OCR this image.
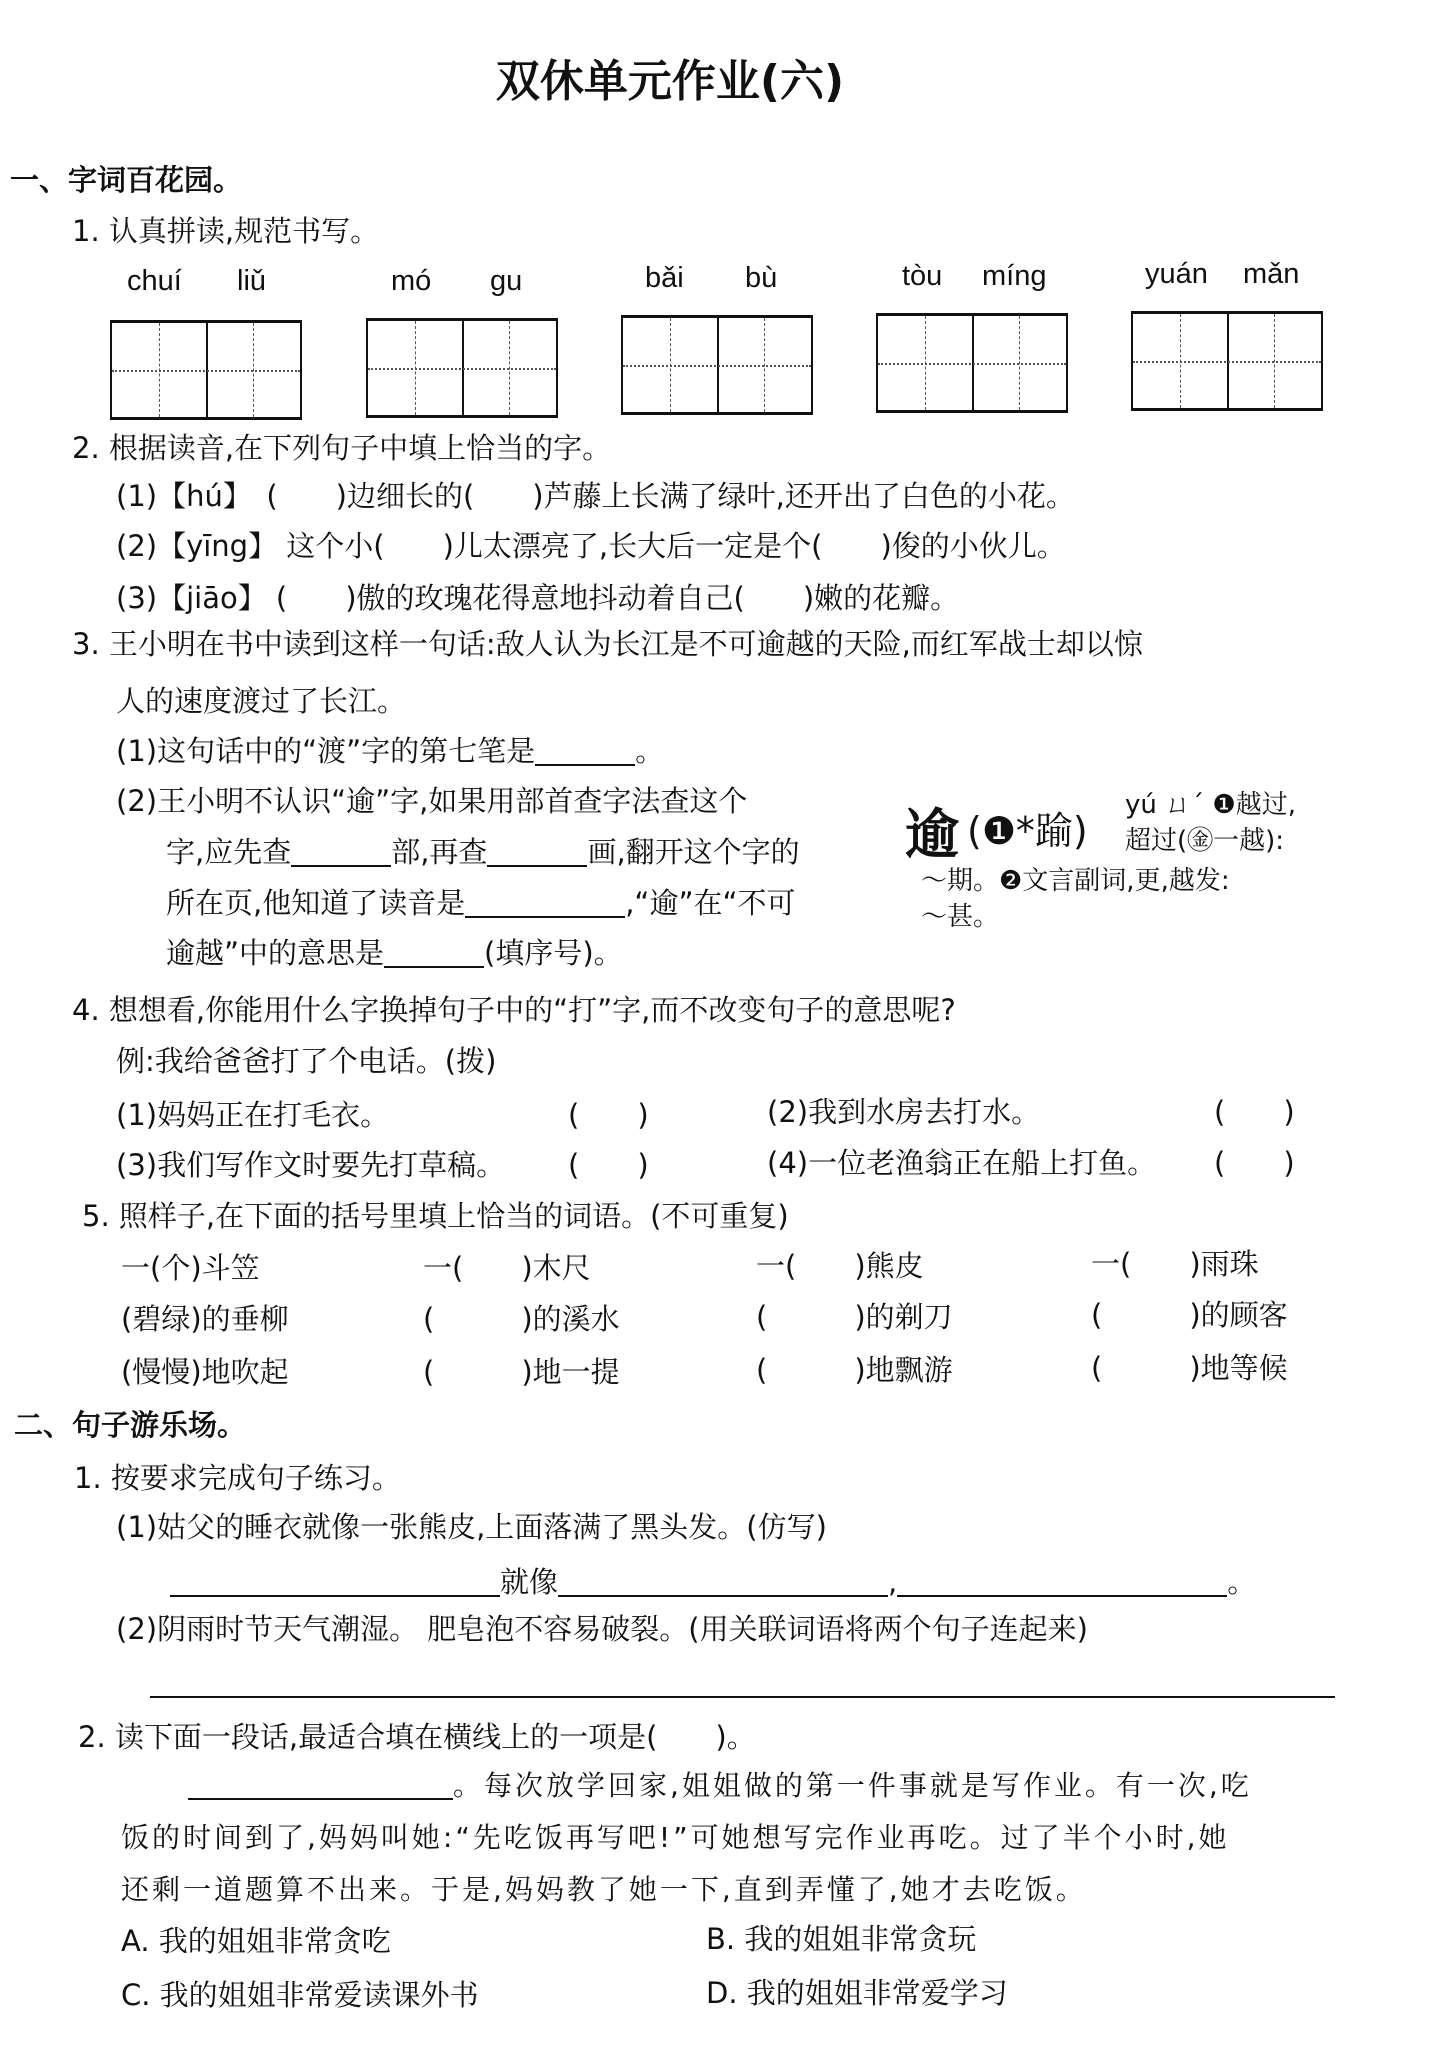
双休单元作业(六)
一、字词百花园。
1. 认真拼读,规范书写。
chuí liǔ	mó gu	bǎi bù	tòu míng	yuán mǎn
2. 根据读音,在下列句子中填上恰当的字。
(1)【hú】　(　　)边细长的(　　)芦藤上长满了绿叶,还开出了白色的小花。
(2)【yīng】 这个小(　　)儿太漂亮了,长大后一定是个(　　)俊的小伙儿。
(3)【jiāo】 (　　)傲的玫瑰花得意地抖动着自己(　　)嫩的花瓣。
3. 王小明在书中读到这样一句话:敌人认为长江是不可逾越的天险,而红军战士却以惊
人的速度渡过了长江。
(1)这句话中的“渡”字的第七笔是	。
(2)王小明不认识“逾”字,如果用部首查字法查这个
字,应先查	部,再查	画,翻开这个字的
所在页,他知道了读音是	,“逾”在“不可
逾越”中的意思是	(填序号)。
逾 (❶*踰)
yú ㄩˊ ❶越过,
超过(㊎一越):
～期。❷文言副词,更,越发:
～甚。
4. 想想看,你能用什么字换掉句子中的“打”字,而不改变句子的意思呢?
例:我给爸爸打了个电话。(拨)
(1)妈妈正在打毛衣。	(　　)	(2)我到水房去打水。	(　　)
(3)我们写作文时要先打草稿。 (　　)	(4)一位老渔翁正在船上打鱼。 (　　)
5. 照样子,在下面的括号里填上恰当的词语。(不可重复)
一(个)斗笠	一(　　)木尺	一(　　)熊皮	一(　　)雨珠
(碧绿)的垂柳	(　　　)的溪水	(　　　)的剃刀	(　　　)的顾客
(慢慢)地吹起	(　　　)地一提	(　　　)地飘游	(　　　)地等候
二、句子游乐场。
1. 按要求完成句子练习。
(1)姑父的睡衣就像一张熊皮,上面落满了黑头发。(仿写)
就像	,	。
(2)阴雨时节天气潮湿。 肥皂泡不容易破裂。(用关联词语将两个句子连起来)
2. 读下面一段话,最适合填在横线上的一项是(　　)。
。每次放学回家,姐姐做的第一件事就是写作业。有一次,吃
饭的时间到了,妈妈叫她:“先吃饭再写吧!”可她想写完作业再吃。过了半个小时,她
还剩一道题算不出来。于是,妈妈教了她一下,直到弄懂了,她才去吃饭。
A. 我的姐姐非常贪吃	B. 我的姐姐非常贪玩
C. 我的姐姐非常爱读课外书	D. 我的姐姐非常爱学习
